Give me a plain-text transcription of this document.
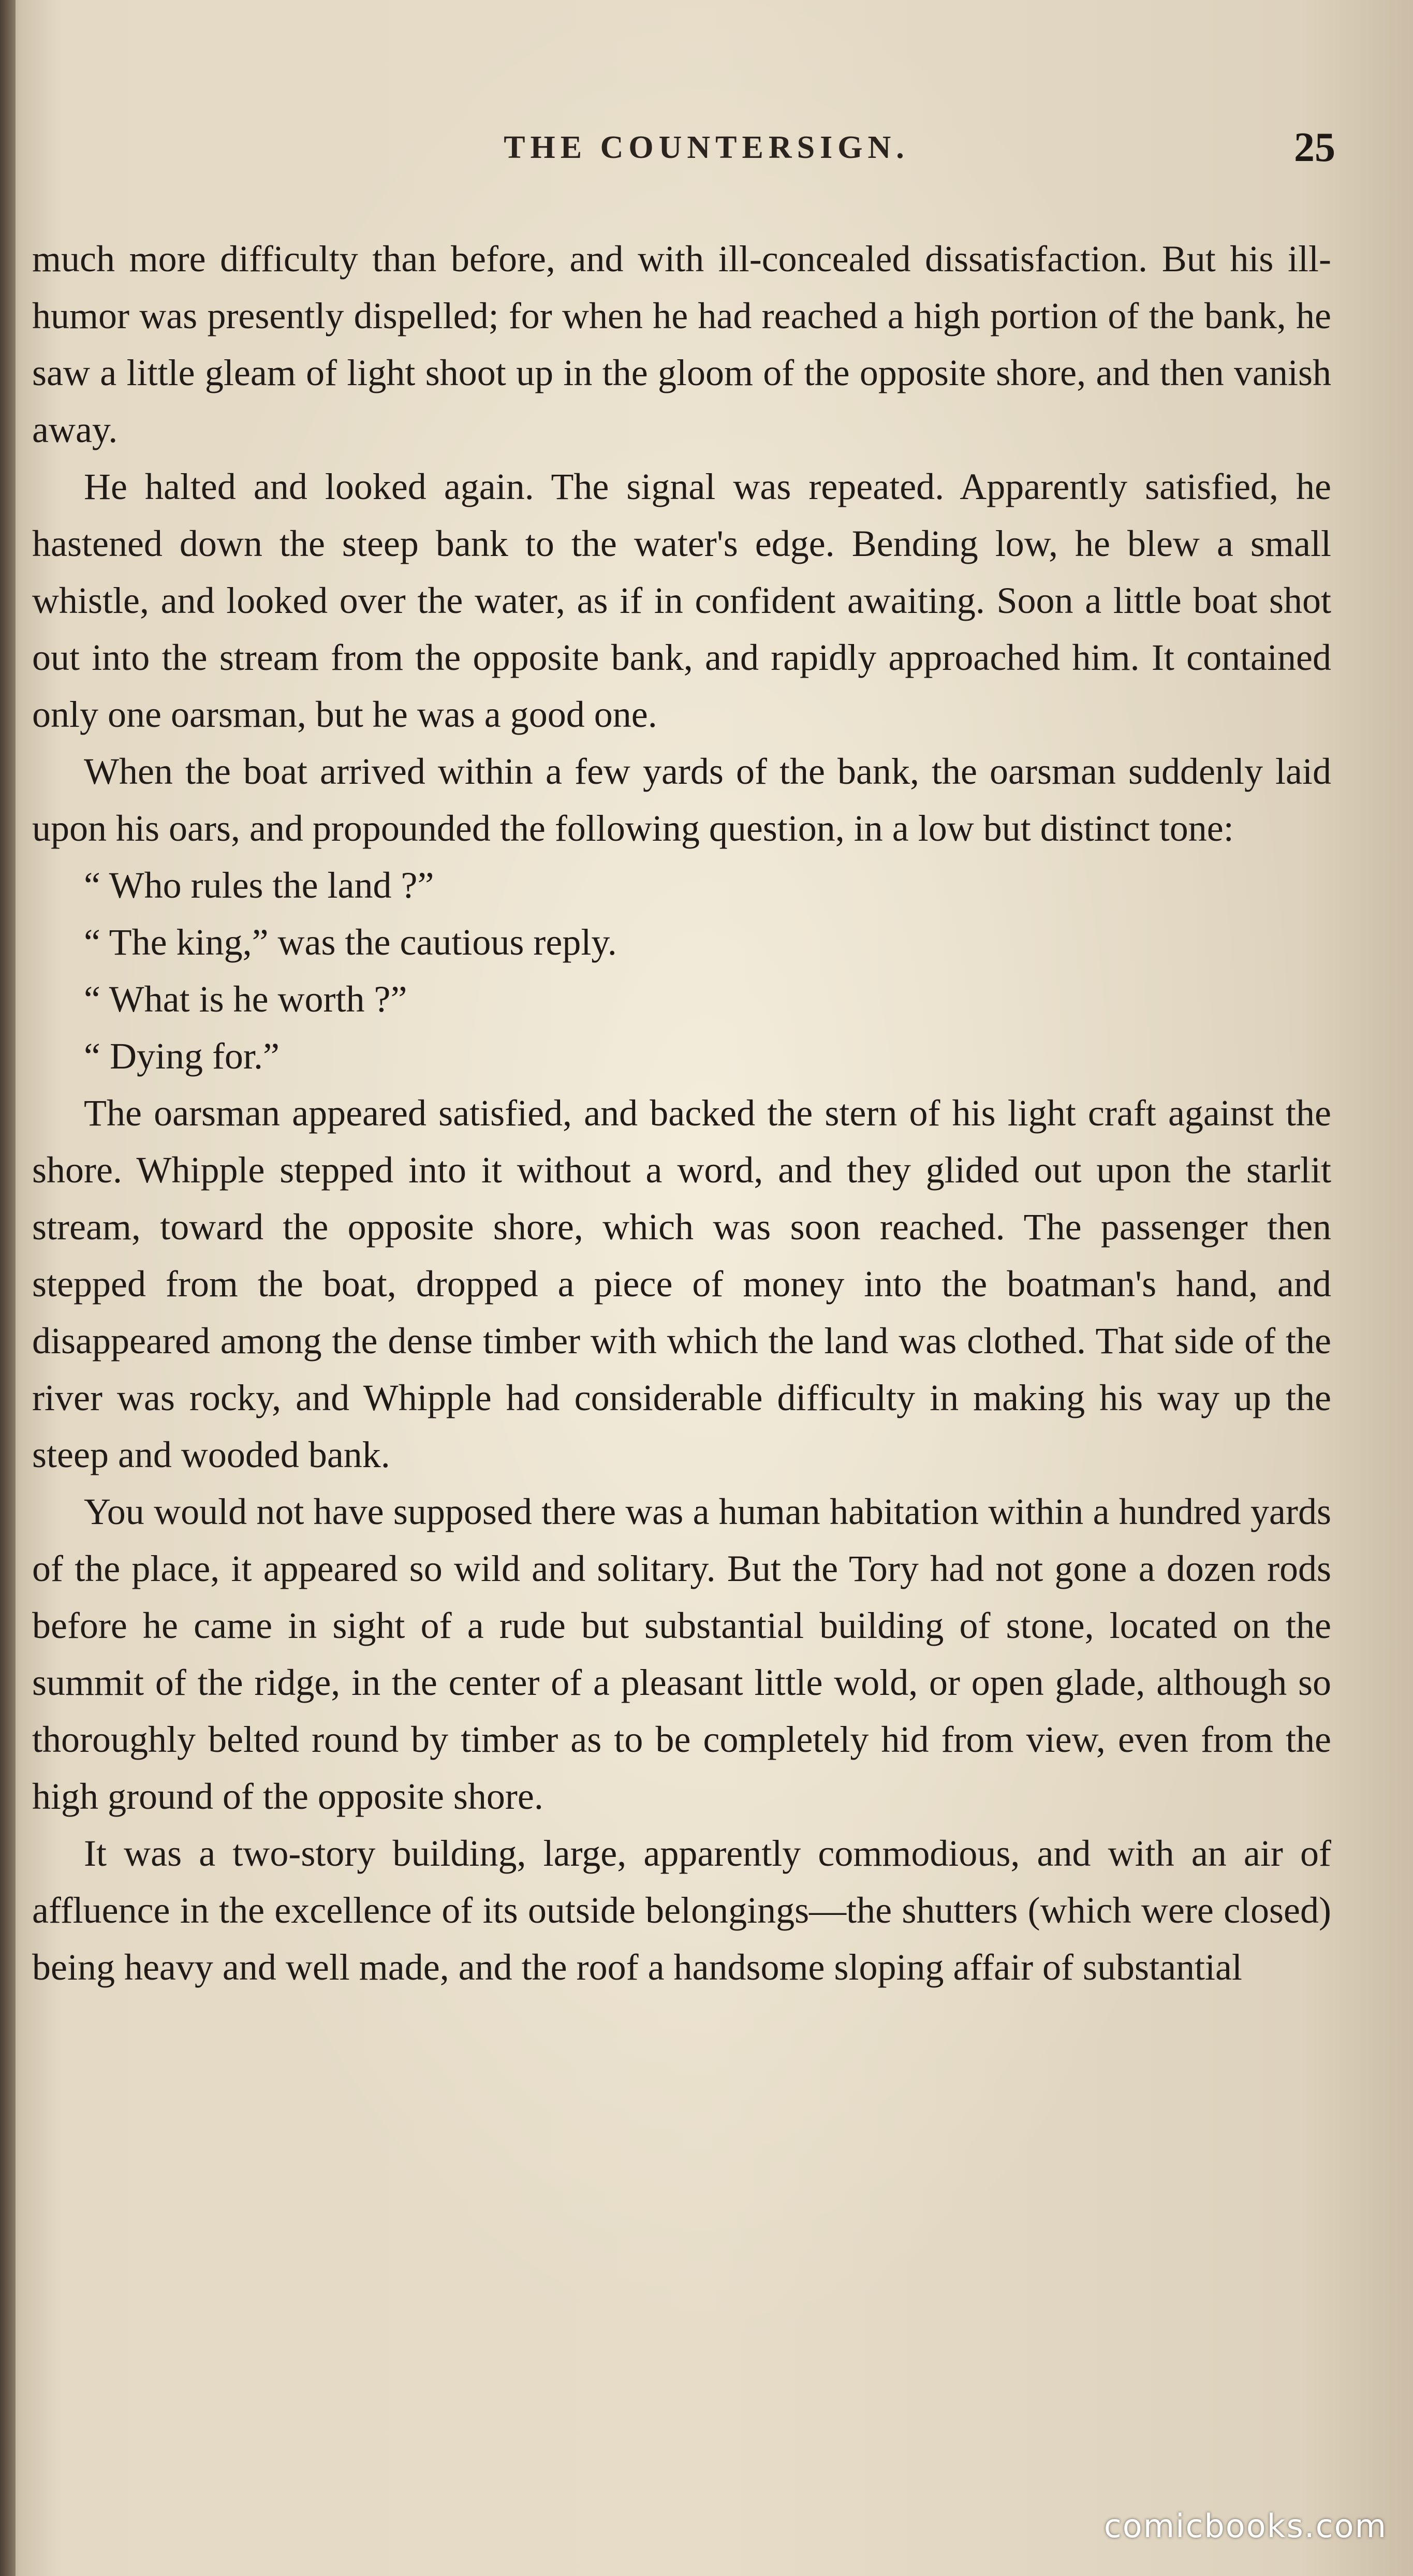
THE COUNTERSIGN.	25

much more difficulty than before, and with ill-concealed dissatisfaction. But his ill-humor was presently dispelled; for when he had reached a high portion of the bank, he saw a little gleam of light shoot up in the gloom of the opposite shore, and then vanish away.

He halted and looked again. The signal was repeated. Apparently satisfied, he hastened down the steep bank to the water's edge. Bending low, he blew a small whistle, and looked over the water, as if in confident awaiting. Soon a little boat shot out into the stream from the opposite bank, and rapidly approached him. It contained only one oarsman, but he was a good one.

When the boat arrived within a few yards of the bank, the oarsman suddenly laid upon his oars, and propounded the following question, in a low but distinct tone:

“ Who rules the land ?”

“ The king,” was the cautious reply.

“ What is he worth ?”

“ Dying for.”

The oarsman appeared satisfied, and backed the stern of his light craft against the shore. Whipple stepped into it without a word, and they glided out upon the starlit stream, toward the opposite shore, which was soon reached. The passenger then stepped from the boat, dropped a piece of money into the boatman's hand, and disappeared among the dense timber with which the land was clothed. That side of the river was rocky, and Whipple had considerable difficulty in making his way up the steep and wooded bank.

You would not have supposed there was a human habitation within a hundred yards of the place, it appeared so wild and solitary. But the Tory had not gone a dozen rods before he came in sight of a rude but substantial building of stone, located on the summit of the ridge, in the center of a pleasant little wold, or open glade, although so thoroughly belted round by timber as to be completely hid from view, even from the high ground of the opposite shore.

It was a two-story building, large, apparently commodious, and with an air of affluence in the excellence of its outside belongings—the shutters (which were closed) being heavy and well made, and the roof a handsome sloping affair of substantial

comicbooks.com
